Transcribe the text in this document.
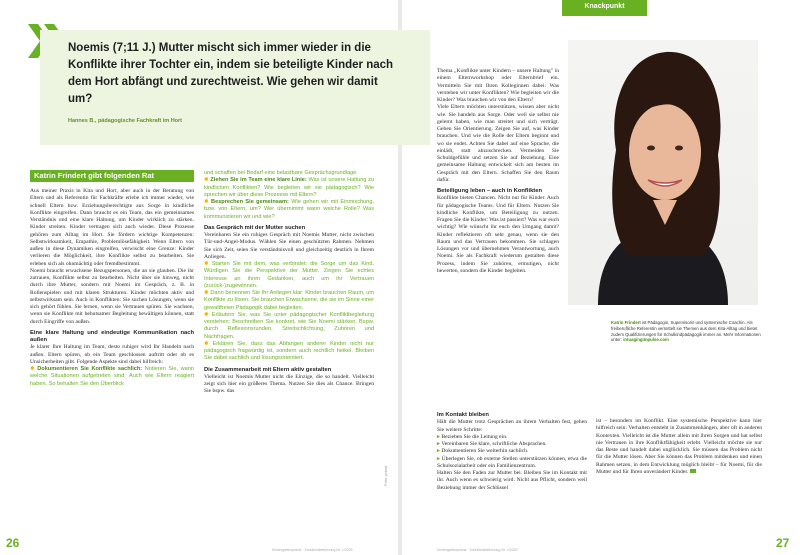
Noemis (7;11 J.) Mutter mischt sich immer wieder in die Konflikte ihrer Tochter ein, indem sie beteiligte Kinder nach dem Hort abfängt und zurechtweist. Wie gehen wir damit um?
Hannes B., pädagogische Fachkraft im Hort
Katrin Frindert gibt folgenden Rat

Aus meiner Praxis in Kita und Hort, aber auch in der Beratung von Eltern und als Referentin für Fachkräfte erlebe ich immer wieder, wie schnell Eltern bzw. Erziehungsberechtigte aus Sorge in kindliche Konflikte eingreifen. Dann braucht es ein Team, das ein gemeinsames Verständnis und eine klare Haltung, um Kinder wirklich zu stärken. Kinder streiten. Kinder vertragen sich auch wieder. Diese Prozesse gehören zum Alltag im Hort. Sie fördern wichtige Kompetenzen: Selbstwirksamkeit, Empathie, Problemlösefähigkeit. Wenn Eltern von außen in diese Dynamiken eingreifen, verwischt eine Grenze: Kinder verlieren die Möglichkeit, ihre Konflikte selbst zu bearbeiten. Sie erleben sich als ohnmächtig oder fremdbestimmt.

Noemi braucht erwachsene Bezugspersonen, die an sie glauben. Die ihr zutrauen, Konflikte selbst zu bearbeiten. Nicht über sie hinweg, nicht durch ihre Mutter, sondern mit Noemi im Gespräch, z. B. in Rollenspielen und mit klaren Strukturen. Kinder möchten aktiv und selbstwirksam sein. Auch in Konflikten: Sie suchen Lösungen, wenn sie sich gehört fühlen. Sie lernen, wenn sie Vertrauen spüren. Sie wachsen, wenn sie Konflikte mit behutsamer Begleitung bewältigen können, statt durch Eingriffe von außen.

Eine klare Haltung und eindeutige Kommunikation nach außen

Je klarer Ihre Haltung im Team, desto ruhiger wird Ihr Handeln nach außen. Eltern spüren, ob ein Team geschlossen auftritt oder ob es Unsicherheiten gibt. Folgende Aspekte sind dabei hilfreich:

✸ Dokumentieren Sie Konflikte sachlich: Notieren Sie, wann welche Situationen aufgetreten sind. Auch wie Eltern reagiert haben. So behalten Sie den Überblick

und schaffen bei Bedarf eine belastbare Gesprächsgrundlage.

✸ Ziehen Sie im Team eine klare Linie: Was ist unsere Haltung zu kindlichen Konflikten? Wie begleiten wir sie pädagogisch? Wie sprechen wir über diese Prozesse mit Eltern?

✸ Besprechen Sie gemeinsam: Wie gehen wir mit Einmischung, bzw. von Eltern, um? Wer übernimmt wann welche Rolle? Was kommunizieren wir und wie?

Das Gespräch mit der Mutter suchen

Vereinbaren Sie ein ruhiges Gespräch mit Noemis Mutter, nicht zwischen Tür-und-Angel-Modus. Wählen Sie einen geschützten Rahmen. Nehmen Sie sich Zeit, seien Sie verständnisvoll und gleichzeitig deutlich in Ihrem Anliegen.

✸ Starten Sie mit dem, was verbindet: die Sorge um das Kind. Würdigen Sie die Perspektive der Mutter. Zeigen Sie echtes Interesse an ihren Gedanken, auch um ihr Vertrauen (zurück-)zugewinnen.

✸ Dann benennen Sie Ihr Anliegen klar: Kinder brauchen Raum, um Konflikte zu lösen. Sie brauchen Erwachsene, die sie im Sinne einer gewaltfreien Pädagogik dabei begleiten.

✸ Erläutern Sie, was Sie unter pädagogischer Konfliktbegleitung verstehen: Beschreiben Sie konkret, wie Sie Noemi stärken. Bspw. durch Reflexionsrunden, Streitschlichtung, Zuhören und Nachfragen.

✸ Erklären Sie, dass das Abfangen anderer Kinder nicht nur pädagogisch fragwürdig ist, sondern auch rechtlich heikel. Bleiben Sie dabei sachlich und lösungsorientiert.

Die Zusammenarbeit mit Eltern aktiv gestalten

Vielleicht ist Noemis Mutter nicht die Einzige, die so handelt. Vielleicht zeigt sich hier ein größeres Thema. Nutzen Sie dies als Chance. Bringen Sie bspw. das

Foto: privat
26	Kindergartenpraxis · Schulkindbetreuung Nr. 1/2025
Knackpunkt

Thema „Konflikte unter Kindern – unsere Haltung" in einem Elternworkshop oder Elternbrief ein. Vermitteln Sie mit Ihren Kolleginnen dabei: Was verstehen wir unter Konflikten? Wie begleiten wir die Kinder? Was brauchen wir von den Eltern?

Viele Eltern möchten unterstützen, wissen aber nicht wie. Sie handeln aus Sorge. Oder weil sie selbst nie gelernt haben, wie man streitet und sich verträgt. Geben Sie Orientierung. Zeigen Sie auf, was Kinder brauchen. Und wie die Rolle der Eltern beginnt und wo sie endet. Achten Sie dabei auf eine Sprache, die einlädt, statt abzuschrecken. Vermeiden Sie Schuldgefühle und setzen Sie auf Beziehung. Eine gemeinsame Haltung entwickelt sich am besten im Gespräch mit den Eltern. Schaffen Sie den Raum dafür.

Beteiligung leben – auch in Konflikten

Konflikte bieten Chancen. Nicht nur für Kinder. Auch für pädagogische Teams. Und für Eltern. Nutzen Sie kindliche Konflikte, um Beteiligung zu nutzen. Fragen Sie die Kinder: Was ist passiert? Was war euch wichtig? Wie wünscht ihr euch den Umgang damit? Kinder reflektieren oft sehr genau, wenn sie den Raum und das Vertrauen bekommen. Sie schlagen Lösungen vor und übernehmen Verantwortung, auch Noemi. Sie als Fachkraft wiederum gestalten diese Prozess, indem Sie zuhören, ermutigen, nicht bewerten, sondern die Kinder begleiten.

Katrin Frindert ist Pädagogin, Supervisorin und systemische Coachin. Als freiberufliche Referentin vermittelt sie Themen aus dem Kita-Alltag und bietet zudem Qualifizierungen für Schulkindpädagogik immer an. Mehr Informationen unter: intuagingimpulse.com

Im Kontakt bleiben

Hält die Mutter trotz Gesprächen an ihrem Verhalten fest, gehen Sie weitere Schritte:

▸ Bezieben Sie die Leitung ein.

▸ Vereinbaren Sie klare, schriftliche Absprachen.

▸ Dokumentieren Sie weiterhin sachlich.

▸ Überlegen Sie, ob externe Stellen unterstützen können, etwa die Schulsozialarbeit oder ein Familienzentrum.

Halten Sie den Faden zur Mutter bei. Bleiben Sie im Kontakt mit ihr. Auch wenn es schwierig wird. Nicht aus Pflicht, sondern weil Beziehung immer der Schlüssel

ist – besonders im Konflikt. Eine systemische Perspektive kann hier hilfreich sein: Verhalten entsteht in Zusammenhängen, aber oft in anderen Kontexten. Vielleicht ist die Mutter allein mit ihren Sorgen und hat selbst nie Vertrauen in ihre Konfliktfähigkeit erlebt. Vielleicht möchte sie nur das Beste und handelt dabei unglücklich. Sie müssen das Problem nicht für die Mutter lösen. Aber Sie können das Problem mitdenken und einen Rahmen setzen, in dem Entwicklung möglich bleibt – für Noemi, für die Mutter und für Ihren unverändert Kinder.

Kindergartenpraxis · Schulkindbetreuung Nr. 1/2025	27
